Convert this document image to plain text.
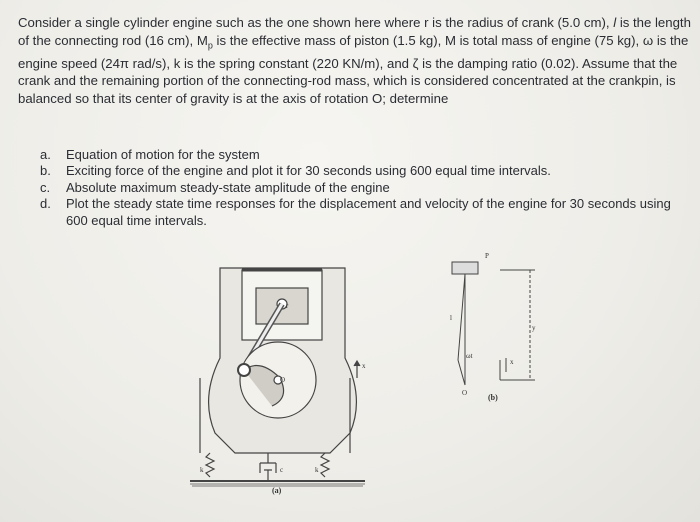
Consider a single cylinder engine such as the one shown here where r is the radius of crank (5.0 cm), l is the length of the connecting rod (16 cm), $M_p$ is the effective mass of piston (1.5 kg), M is total mass of engine (75 kg), ω is the engine speed (24π rad/s), k is the spring constant (220 KN/m), and ζ is the damping ratio (0.02). Assume that the crank and the remaining portion of the connecting-rod mass, which is considered concentrated at the crankpin, is balanced so that its center of gravity is at the axis of rotation O; determine

a.	Equation of motion for the system
b.	Exciting force of the engine and plot it for 30 seconds using 600 equal time intervals.
c.	Absolute maximum steady-state amplitude of the engine
d.	Plot the steady state time responses for the displacement and velocity of the engine for 30 seconds using 600 equal time intervals.
r
O
x
k	k
c
(a)
P
l
ωt
y
x
O	(b)
